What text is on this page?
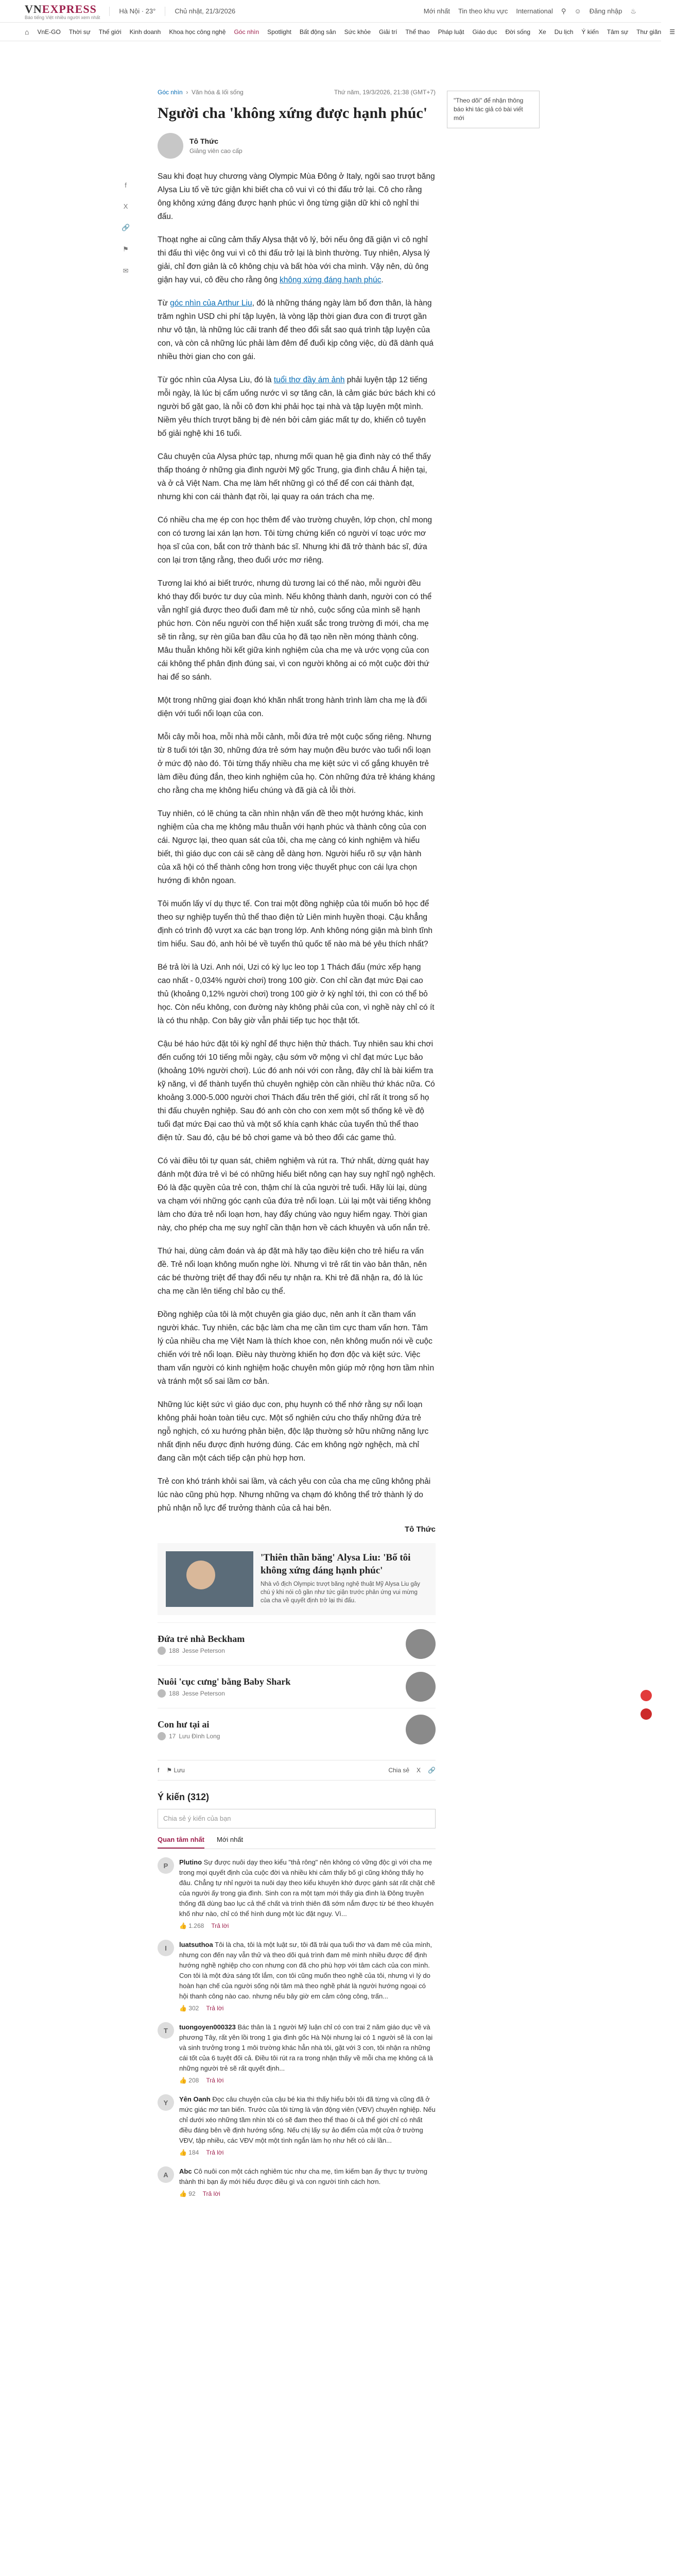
VNEXPRESS
Báo tiếng Việt nhiều người xem nhất
Hà Nội · 23°	Chủ nhật, 21/3/2026	Mới nhất Tin theo khu vực International ⚲ ☺ Đăng nhập ♨
⌂ VnE-GO Thời sự Thế giới Kinh doanh Khoa học công nghệ Góc nhìn Spotlight Bất động sản Sức khỏe Giải trí Thể thao Pháp luật Giáo dục Đời sống Xe Du lịch Ý kiến Tâm sự Thư giãn ☰
f
X
🔗
⚑
✉
Góc nhìn  ›  Văn hóa & lối sống	Thứ năm, 19/3/2026, 21:38 (GMT+7)
Người cha 'không xứng được hạnh phúc'
Tô Thức
Giảng viên cao cấp

Sau khi đoạt huy chương vàng Olympic Mùa Đông ở Italy, ngôi sao trượt băng Alysa Liu tố về tức giận khi biết cha cô vui vì có thi đấu trở lại. Cô cho rằng ông không xứng đáng được hạnh phúc vì ông từng giận dữ khi cô nghỉ thi đấu.

Thoạt nghe ai cũng cảm thấy Alysa thật vô lý, bởi nếu ông đã giận vì cô nghỉ thi đấu thì việc ông vui vì cô thi đấu trở lại là bình thường. Tuy nhiên, Alysa lý giải, chỉ đơn giản là cô không chịu và bất hòa với cha mình. Vậy nên, dù ông giận hay vui, cô đều cho rằng ông không xứng đáng hạnh phúc.

Từ góc nhìn của Arthur Liu, đó là những tháng ngày làm bố đơn thân, là hàng trăm nghìn USD chi phí tập luyện, là vòng lặp thời gian đưa con đi trượt gần như vô tận, là những lúc cãi tranh để theo đổi sắt sao quá trình tập luyện của con, và còn cả những lúc phải làm đêm để đuổi kịp công việc, dù đã dành quá nhiều thời gian cho con gái.

Từ góc nhìn của Alysa Liu, đó là tuổi thơ đầy ám ảnh phải luyện tập 12 tiếng mỗi ngày, là lúc bị cấm uống nước vì sợ tăng cân, là cảm giác bức bách khi có người bố gặt gao, là nỗi cô đơn khi phải học tại nhà và tập luyện một mình. Niềm yêu thích trượt băng bị đè nén bởi cảm giác mất tự do, khiến cô tuyên bố giải nghệ khi 16 tuổi.

Câu chuyện của Alysa phức tạp, nhưng mối quan hệ gia đình này có thể thấy thấp thoáng ở những gia đình người Mỹ gốc Trung, gia đình châu Á hiện tại, và ở cả Việt Nam. Cha mẹ làm hết những gì có thể để con cái thành đạt, nhưng khi con cái thành đạt rồi, lại quay ra oán trách cha mẹ.

Có nhiều cha mẹ ép con học thêm để vào trường chuyên, lớp chọn, chỉ mong con có tương lai xán lạn hơn. Tôi từng chứng kiến có người ví toạc ước mơ họa sĩ của con, bắt con trở thành bác sĩ. Nhưng khi đã trở thành bác sĩ, đứa con lại trơn tặng rằng, theo đuổi ước mơ riêng.

Tương lai khó ai biết trước, nhưng dù tương lai có thế nào, mỗi người đều khó thay đổi bước tư duy của mình. Nếu không thành danh, người con có thể vẫn nghĩ giá được theo đuổi đam mê từ nhỏ, cuộc sống của mình sẽ hạnh phúc hơn. Còn nếu người con thể hiện xuất sắc trong trường đi mới, cha mẹ sẽ tin rằng, sự rèn giũa ban đầu của họ đã tạo nền nền móng thành công. Mâu thuẫn không hồi kết giữa kinh nghiệm của cha mẹ và ước vọng của con cái không thể phân định đúng sai, vì con người không ai có một cuộc đời thứ hai để so sánh.

Một trong những giai đoạn khó khăn nhất trong hành trình làm cha mẹ là đối diện với tuổi nổi loạn của con.

Mỗi cây mỗi hoa, mỗi nhà mỗi cảnh, mỗi đứa trẻ một cuộc sống riêng. Nhưng từ 8 tuổi tới tận 30, những đứa trẻ sớm hay muộn đều bước vào tuổi nổi loạn ở mức độ nào đó. Tôi từng thấy nhiều cha mẹ kiệt sức vì cố gắng khuyên trẻ làm điều đúng đắn, theo kinh nghiệm của họ. Còn những đứa trẻ kháng kháng cho rằng cha mẹ không hiểu chúng và đã già cả lỗi thời.

Tuy nhiên, có lẽ chúng ta cần nhìn nhận vấn đề theo một hướng khác, kinh nghiệm của cha mẹ không mâu thuẫn với hạnh phúc và thành công của con cái. Ngược lại, theo quan sát của tôi, cha mẹ càng có kinh nghiệm và hiểu biết, thì giáo dục con cái sẽ càng dễ dàng hơn. Người hiểu rõ sự vận hành của xã hội có thể thành công hơn trong việc thuyết phục con cái lựa chọn hướng đi khôn ngoan.

Tôi muốn lấy ví dụ thực tế. Con trai một đồng nghiệp của tôi muốn bỏ học để theo sự nghiệp tuyển thủ thể thao điện tử Liên minh huyền thoại. Cậu khẳng định có trình độ vượt xa các bạn trong lớp. Anh không nóng giận mà bình tĩnh tìm hiểu. Sau đó, anh hỏi bé về tuyển thủ quốc tế nào mà bé yêu thích nhất?

Bé trả lời là Uzi. Anh nói, Uzi có kỳ lục leo top 1 Thách đấu (mức xếp hạng cao nhất - 0,034% người chơi) trong 100 giờ. Con chỉ cần đạt mức Đại cao thủ (khoảng 0,12% người chơi) trong 100 giờ ở kỳ nghỉ tới, thì con có thể bỏ học. Còn nếu không, con đường này không phải của con, vì nghề này chỉ có ít là có thu nhập. Con bây giờ vẫn phải tiếp tục học thật tốt.

Cậu bé háo hức đặt tôi kỳ nghỉ để thực hiện thử thách. Tuy nhiên sau khi chơi đến cuống tới 10 tiếng mỗi ngày, cậu sớm vỡ mộng vì chỉ đạt mức Lục bảo (khoảng 10% người chơi). Lúc đó anh nói với con rằng, đây chỉ là bài kiểm tra kỹ năng, vì để thành tuyển thủ chuyên nghiệp còn cần nhiều thứ khác nữa. Có khoảng 3.000-5.000 người chơi Thách đấu trên thế giới, chỉ rất ít trong số họ thi đấu chuyên nghiệp. Sau đó anh còn cho con xem một số thống kê về độ tuổi đạt mức Đại cao thủ và một số khía cạnh khác của tuyển thủ thể thao điện tử. Sau đó, cậu bé bỏ chơi game và bỏ theo đổi các game thủ.

Có vài điều tôi tự quan sát, chiêm nghiệm và rút ra. Thứ nhất, dừng quát hay đánh một đứa trẻ vì bé có những hiểu biết nông cạn hay suy nghĩ ngộ nghệch. Đó là đặc quyền của trẻ con, thậm chí là của người trẻ tuổi. Hãy lùi lại, dùng va chạm với những góc cạnh của đứa trẻ nổi loạn. Lùi lại một vài tiếng không làm cho đứa trẻ nổi loạn hơn, hay đẩy chúng vào nguy hiểm ngay. Thời gian này, cho phép cha mẹ suy nghĩ cần thận hơn về cách khuyên và uốn nắn trẻ.

Thứ hai, dùng cảm đoán và áp đặt mà hãy tạo điều kiện cho trẻ hiểu ra vấn đề. Trẻ nổi loạn không muốn nghe lời. Nhưng vì trẻ rất tin vào bản thân, nên các bé thường triệt để thay đổi nếu tự nhận ra. Khi trẻ đã nhận ra, đó là lúc cha mẹ cần lên tiếng chỉ bảo cụ thể.

Đồng nghiệp của tôi là một chuyên gia giáo dục, nên anh ít cần tham vấn người khác. Tuy nhiên, các bậc làm cha mẹ cần tìm cực tham vấn hơn. Tâm lý của nhiều cha mẹ Việt Nam là thích khoe con, nên không muốn nói về cuộc chiến với trẻ nổi loạn. Điều này thường khiến họ đơn độc và kiệt sức. Việc tham vấn người có kinh nghiệm hoặc chuyên môn giúp mở rộng hơn tầm nhìn và tránh một số sai lầm cơ bản.

Những lúc kiệt sức vì giáo dục con, phụ huynh có thể nhớ rằng sự nổi loạn không phải hoàn toàn tiêu cực. Một số nghiên cứu cho thấy những đứa trẻ ngỗ nghịch, có xu hướng phản biện, độc lập thường sở hữu những năng lực nhất định nếu được định hướng đúng. Các em không ngờ nghệch, mà chỉ đang cần một cách tiếp cận phù hợp hơn.

Trẻ con khó tránh khỏi sai lầm, và cách yêu con của cha mẹ cũng không phải lúc nào cũng phù hợp. Nhưng những va chạm đó không thể trở thành lý do phủ nhận nỗ lực để trưởng thành của cả hai bên.

Tô Thức
'Thiên thần băng' Alysa Liu: 'Bố tôi không xứng đáng hạnh phúc'
Nhà vô địch Olympic trượt băng nghệ thuật Mỹ Alysa Liu gây chú ý khi nói cô gần như tức giận trước phản ứng vui mừng của cha về quyết định trở lại thi đấu.
Đứa trẻ nhà Beckham
188 Jesse Peterson
Nuôi 'cục cưng' bằng Baby Shark
188 Jesse Peterson
Con hư tại ai
17 Lưu Đình Long
f ⚑ Lưu	Chia sẻ X 🔗
Ý kiến (312)
Chia sẻ ý kiến của bạn
Quan tâm nhất Mới nhất
P	Plutino Sự được nuôi dạy theo kiểu "thả rông" nên không có vững độc gì với cha mẹ trong mọi quyết định của cuộc đời và nhiều khi cảm thấy bố gì cũng không thấy họ đâu. Chẳng tự nhỉ người ta nuôi dạy theo kiểu khuyên khớ được gánh sát rất chặt chẽ của người ấy trong gia đình. Sinh con ra một tạm mới thấy gia đình là Đông truyền thống đã dùng bao lục cả thế chất và trình thiên đã sớm nắm được từ bé theo khuyên khố như nào, chỉ có thể hình dung một lúc đặt nguy. Vì...
👍 1.268 Trả lời
I	luatsuthoa Tôi là cha, tôi là một luật sư, tôi đã trải qua tuổi thơ và đam mê của mình, nhưng con đến nay vẫn thử và theo dõi quá trình đam mê mình nhiều được để định hướng nghề nghiệp cho con nhưng con đã cho phù hợp với tâm cách của con mình. Con tôi là một đứa sáng tốt lắm, con tôi cũng muốn theo nghề của tôi, nhưng vì lý do hoàn hạn chế của người sống nội tâm mà theo nghề phát là người hướng ngoại có hội thanh công nào cao. nhưng nếu bây giờ em cảm công công, trấn...
👍 302 Trả lời
T	tuongoyen000323 Bác thân là 1 người Mỹ luận chỉ có con trai 2 năm giáo dục về và phương Tây, rất yên lồi trong 1 gia đình gốc Hà Nội nhưng lại có 1 người sẽ là con lại và sinh trưởng trong 1 môi trường khác hẳn nhà tôi, gặt với 3 con, tôi nhận ra những cái tốt của 6 tuyệt đối cả. Điều tôi rút ra ra trong nhận thấy về mỗi cha mẹ không cá là những người trẻ sẽ rất quyết định...
👍 208 Trả lời
Y	Yên Oanh Đọc câu chuyện của cậu bé kia thì thấy hiểu bởi tôi đã từng và cũng đã ở mức giác mơ tan biến. Trước của tôi từng là vận động viên (VĐV) chuyên nghiệp. Nếu chỉ dưới xéo những tầm nhìn tôi có sẽ đam theo thể thao ôi cả thể giới chỉ có nhất điều đáng bên về định hướng sống. Nếu chị lấy sự ảo điểm của một cửa ở trường VĐV, tập nhiều, các VĐV một một tình ngắn làm họ như hết có cải lần...
👍 184 Trả lời
A	Abc Cô nuôi con một cách nghiêm túc như cha mẹ, tìm kiếm bạn ấy thực tự trường thành thì bạn ấy mới hiểu được điều gì và con người tính cách hơn.
👍 92 Trả lời
"Theo dõi" để nhận thông báo khi tác giả có bài viết mới
